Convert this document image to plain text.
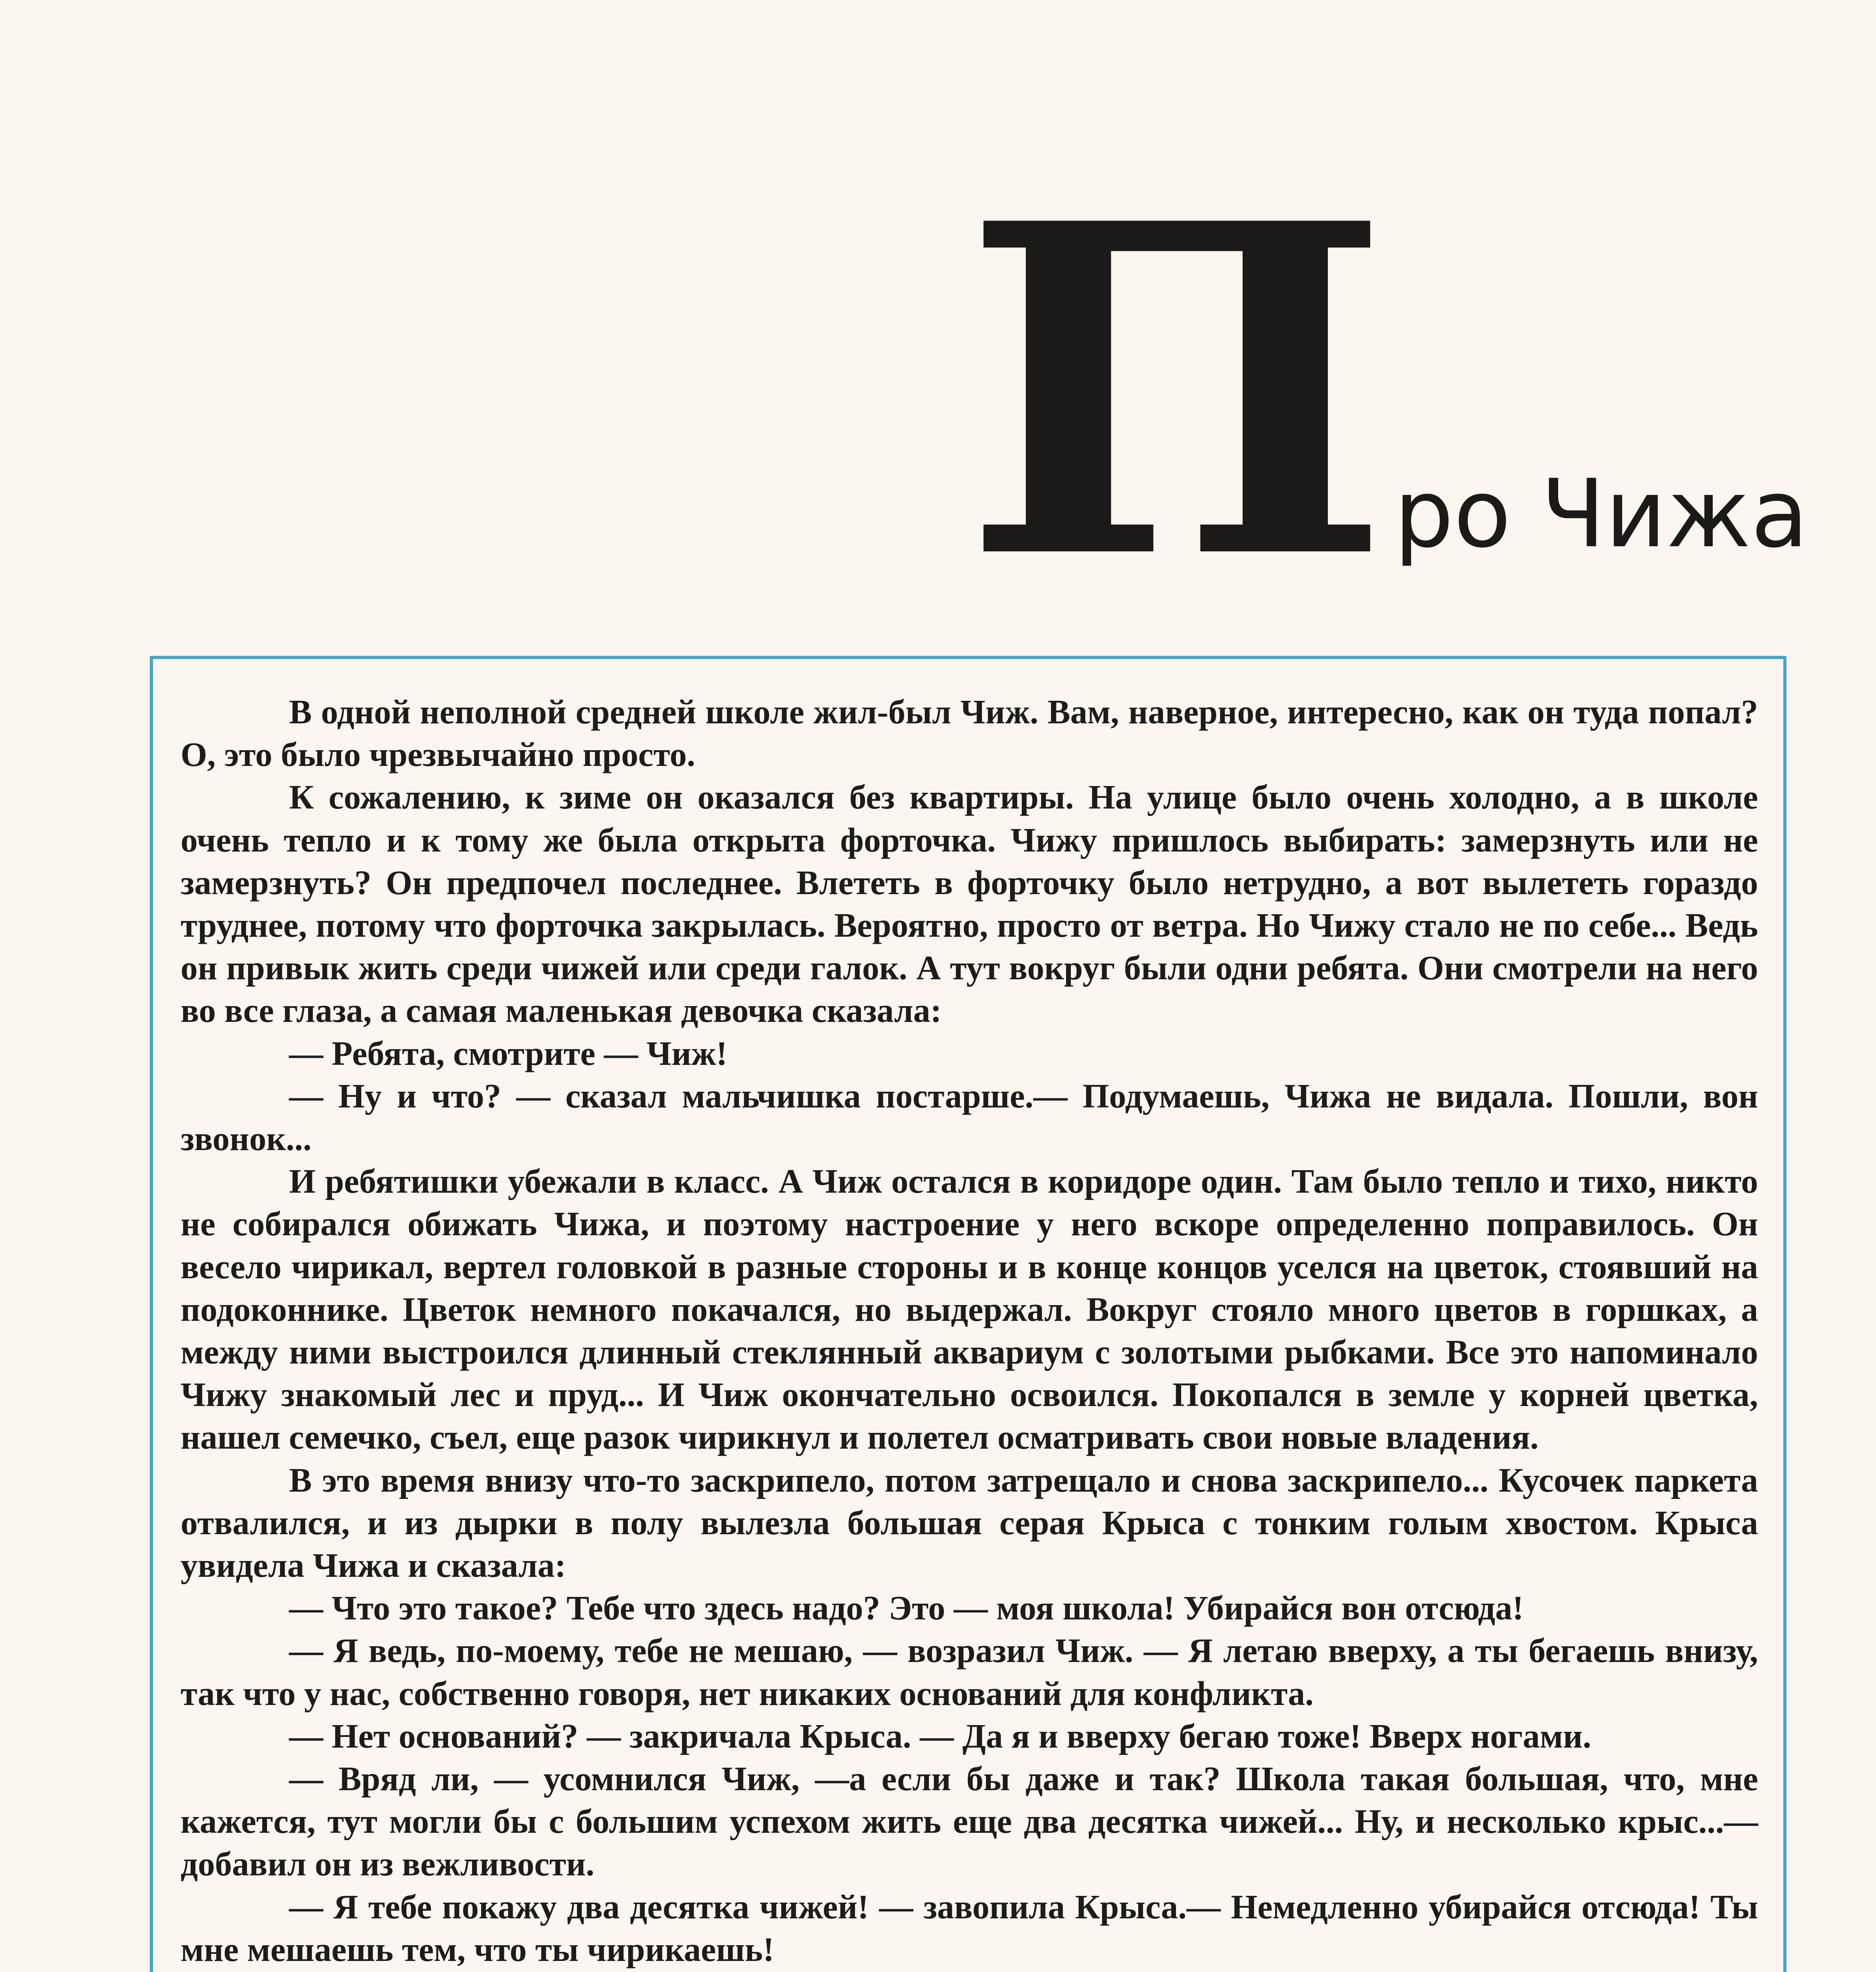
П ро Чижа

В одной неполной средней школе жил-был Чиж. Вам, наверное, интересно, как он туда попал? О, это было чрезвычайно просто.

К сожалению, к зиме он оказался без квартиры. На улице было очень холодно, а в школе очень тепло и к тому же была открыта форточка. Чижу пришлось выбирать: замерзнуть или не замерзнуть? Он предпочел последнее. Влететь в форточку было нетрудно, а вот вылететь гораздо труднее, потому что форточка закрылась. Вероятно, просто от ветра. Но Чижу стало не по себе... Ведь он привык жить среди чижей или среди галок. А тут вокруг были одни ребята. Они смотрели на него во все глаза, а самая маленькая девочка сказала:

— Ребята, смотрите — Чиж!

— Ну и что? — сказал мальчишка постарше.— Подумаешь, Чижа не видала. Пошли, вон звонок...

И ребятишки убежали в класс. А Чиж остался в коридоре один. Там было тепло и тихо, никто не собирался обижать Чижа, и поэтому настроение у него вскоре определенно поправилось. Он весело чирикал, вертел головкой в разные стороны и в конце концов уселся на цветок, стоявший на подоконнике. Цветок немного покачался, но выдержал. Вокруг стояло много цветов в горшках, а между ними выстроился длинный стеклянный аквариум с золотыми рыбками. Все это напоминало Чижу знакомый лес и пруд... И Чиж окончательно освоился. Покопался в земле у корней цветка, нашел семечко, съел, еще разок чирикнул и полетел осматривать свои новые владения.

В это время внизу что-то заскрипело, потом затрещало и снова заскрипело... Кусочек паркета отвалился, и из дырки в полу вылезла большая серая Крыса с тонким голым хвостом. Крыса увидела Чижа и сказала:

— Что это такое? Тебе что здесь надо? Это — моя школа! Убирайся вон отсюда!

— Я ведь, по-моему, тебе не мешаю, — возразил Чиж. — Я летаю вверху, а ты бегаешь внизу, так что у нас, собственно говоря, нет никаких оснований для конфликта.

— Нет оснований? — закричала Крыса. — Да я и вверху бегаю тоже! Вверх ногами.

— Вряд ли, — усомнился Чиж, —а если бы даже и так? Школа такая большая, что, мне кажется, тут могли бы с большим успехом жить еще два десятка чижей... Ну, и несколько крыс...— добавил он из вежливости.

— Я тебе покажу два десятка чижей! — завопила Крыса.— Немедленно убирайся отсюда! Ты мне мешаешь тем, что ты чирикаешь!
